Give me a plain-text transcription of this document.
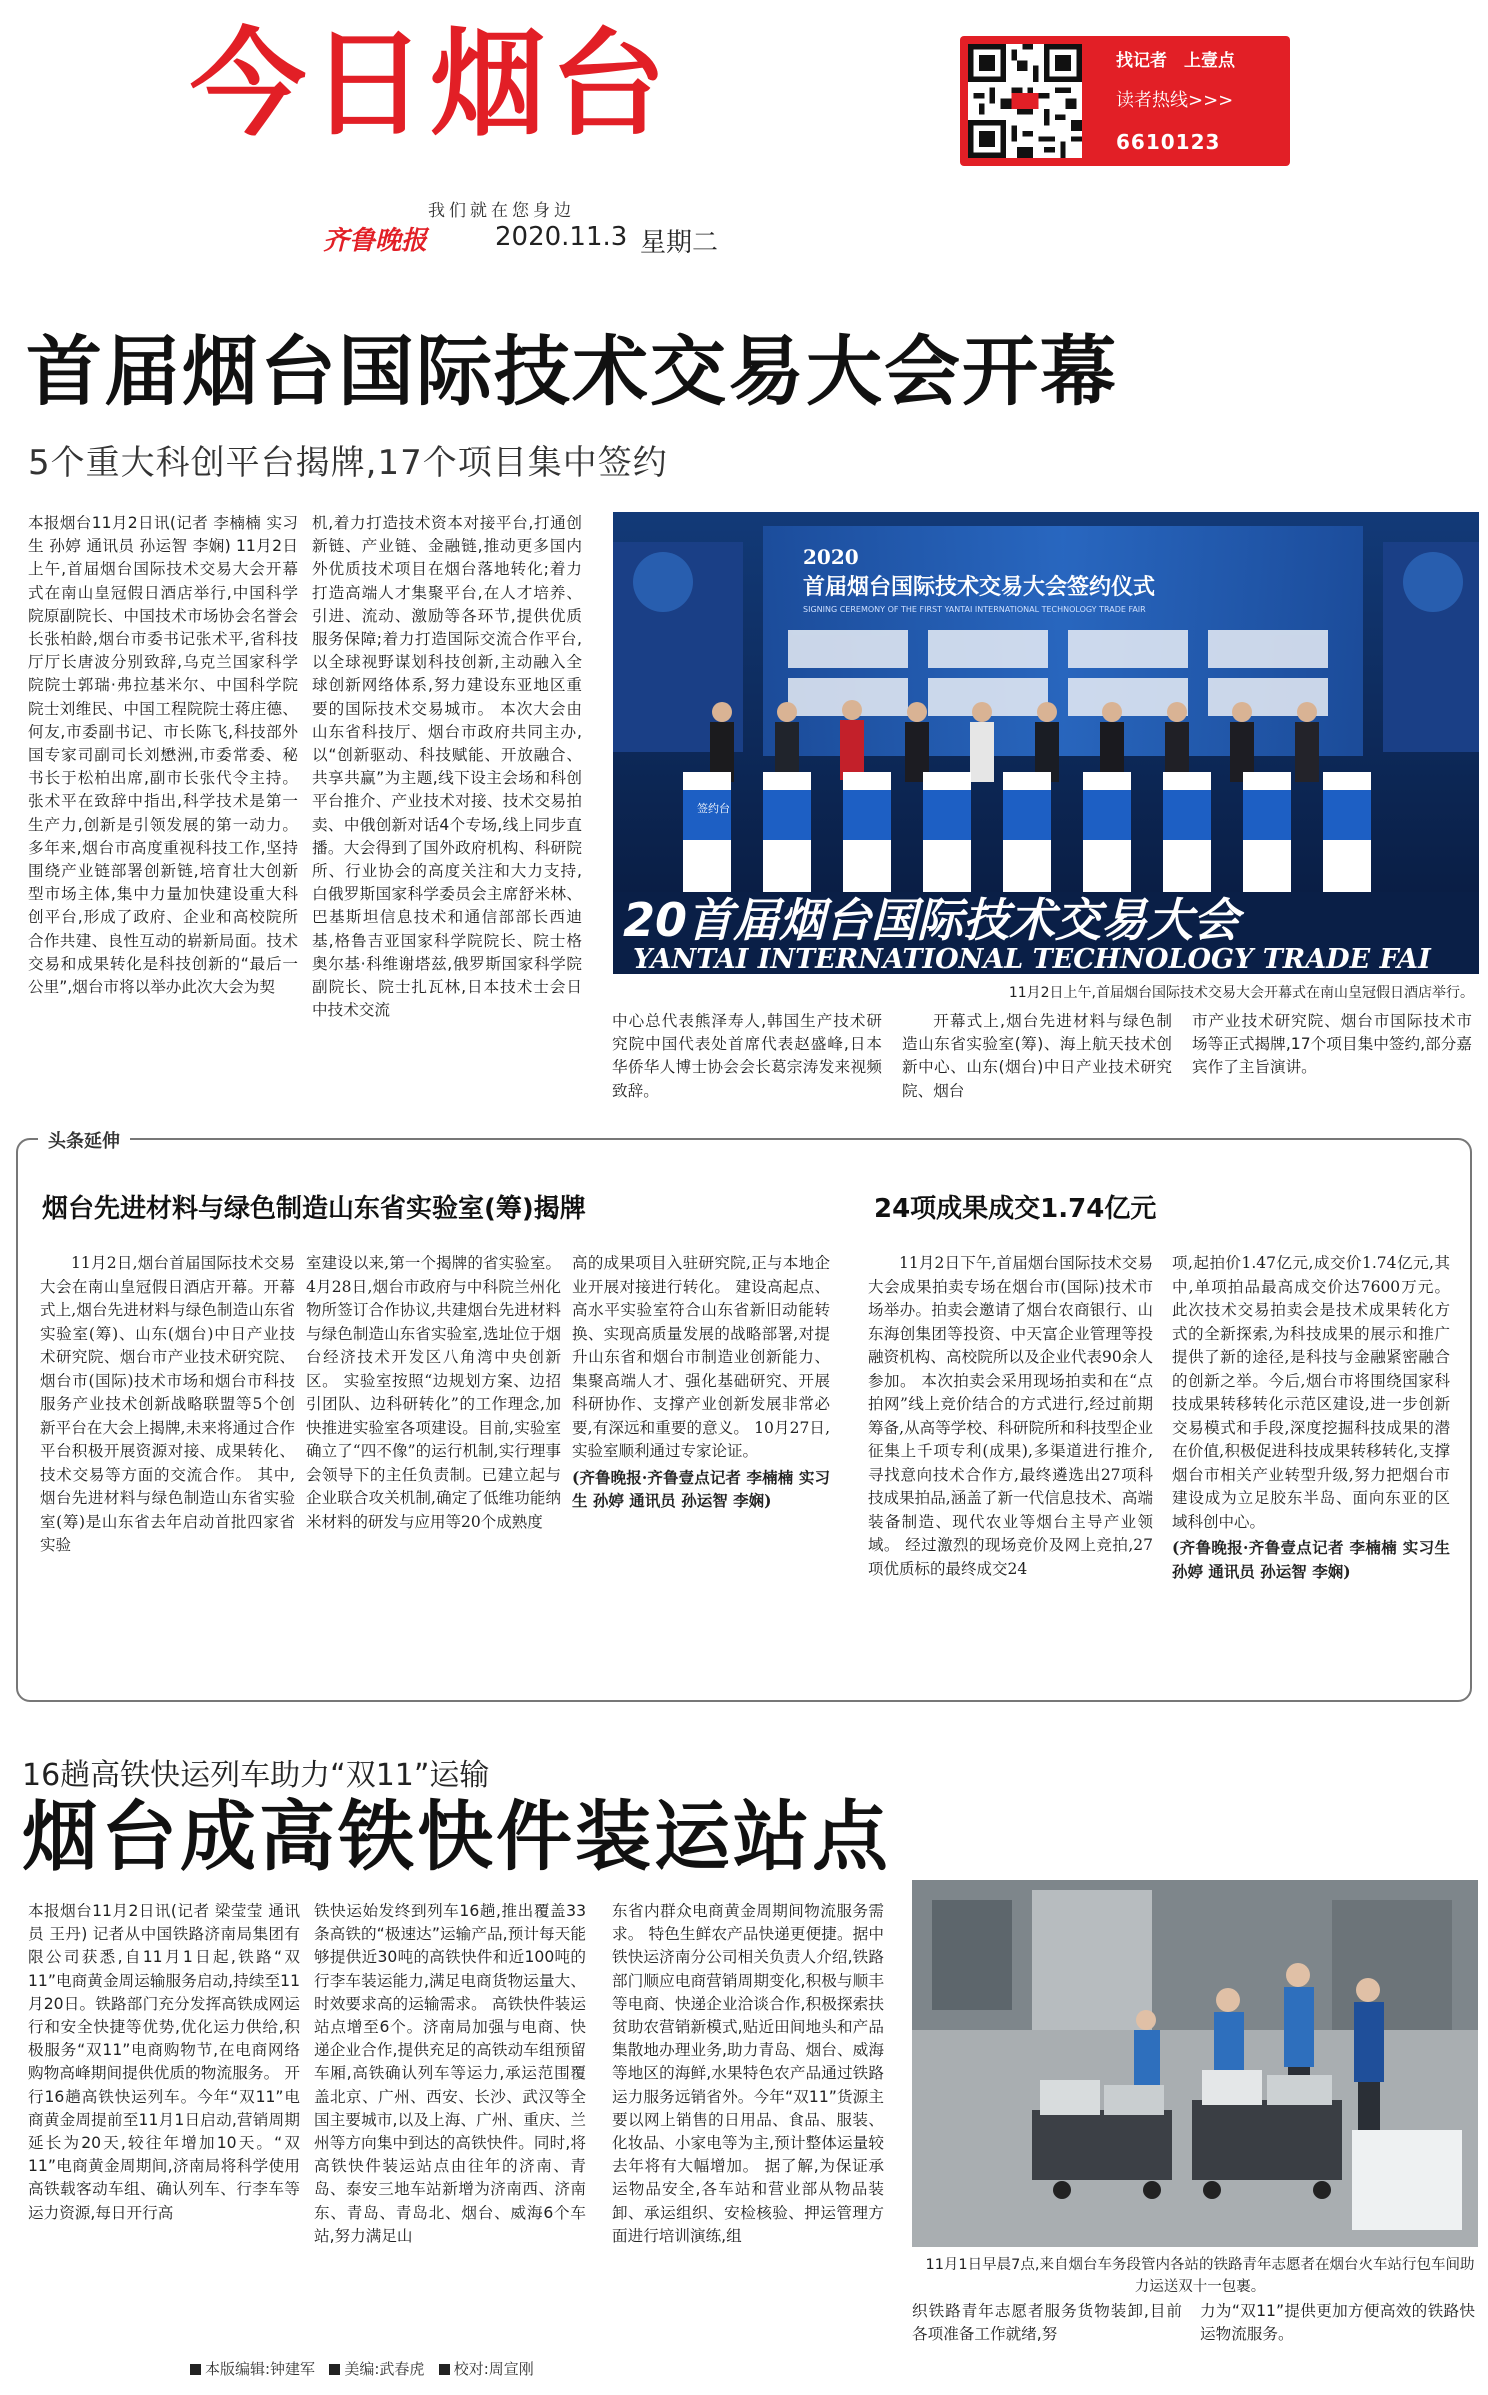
今日烟台	找记者　上壹点
读者热线>>>
6610123
我们就在您身边
齐鲁晚报	2020.11.3 星期二
首届烟台国际技术交易大会开幕
5个重大科创平台揭牌,17个项目集中签约

本报烟台11月2日讯(记者 李楠楠 实习生 孙婷 通讯员 孙运智 李娴) 11月2日上午,首届烟台国际技术交易大会开幕式在南山皇冠假日酒店举行,中国科学院原副院长、中国技术市场协会名誉会长张柏龄,烟台市委书记张术平,省科技厅厅长唐波分别致辞,乌克兰国家科学院院士郭瑞·弗拉基米尔、中国科学院院士刘维民、中国工程院院士蒋庄德、何友,市委副书记、市长陈飞,科技部外国专家司副司长刘懋洲,市委常委、秘书长于松柏出席,副市长张代令主持。 张术平在致辞中指出,科学技术是第一生产力,创新是引领发展的第一动力。多年来,烟台市高度重视科技工作,坚持围绕产业链部署创新链,培育壮大创新型市场主体,集中力量加快建设重大科创平台,形成了政府、企业和高校院所合作共建、良性互动的崭新局面。技术交易和成果转化是科技创新的“最后一公里”,烟台市将以举办此次大会为契

机,着力打造技术资本对接平台,打通创新链、产业链、金融链,推动更多国内外优质技术项目在烟台落地转化;着力打造高端人才集聚平台,在人才培养、引进、流动、激励等各环节,提供优质服务保障;着力打造国际交流合作平台,以全球视野谋划科技创新,主动融入全球创新网络体系,努力建设东亚地区重要的国际技术交易城市。 本次大会由山东省科技厅、烟台市政府共同主办,以“创新驱动、科技赋能、开放融合、共享共赢”为主题,线下设主会场和科创平台推介、产业技术对接、技术交易拍卖、中俄创新对话4个专场,线上同步直播。大会得到了国外政府机构、科研院所、行业协会的高度关注和大力支持,白俄罗斯国家科学委员会主席舒米林、巴基斯坦信息技术和通信部部长西迪基,格鲁吉亚国家科学院院长、院士格奥尔基·科维谢塔兹,俄罗斯国家科学院副院长、院士扎瓦林,日本技术士会日中技术交流

中心总代表熊泽寿人,韩国生产技术研究院中国代表处首席代表赵盛峰,日本华侨华人博士协会会长葛宗涛发来视频致辞。

开幕式上,烟台先进材料与绿色制造山东省实验室(筹)、海上航天技术创新中心、山东(烟台)中日产业技术研究院、烟台

市产业技术研究院、烟台市国际技术市场等正式揭牌,17个项目集中签约,部分嘉宾作了主旨演讲。

2020
首届烟台国际技术交易大会签约仪式
SIGNING CEREMONY OF THE FIRST YANTAI INTERNATIONAL TECHNOLOGY TRADE FAIR
签约台
20首届烟台国际技术交易大会
YANTAI INTERNATIONAL TECHNOLOGY TRADE FAI
11月2日上午,首届烟台国际技术交易大会开幕式在南山皇冠假日酒店举行。
头条延伸
烟台先进材料与绿色制造山东省实验室(筹)揭牌	24项成果成交1.74亿元

11月2日,烟台首届国际技术交易大会在南山皇冠假日酒店开幕。开幕式上,烟台先进材料与绿色制造山东省实验室(筹)、山东(烟台)中日产业技术研究院、烟台市产业技术研究院、烟台市(国际)技术市场和烟台市科技服务产业技术创新战略联盟等5个创新平台在大会上揭牌,未来将通过合作平台积极开展资源对接、成果转化、技术交易等方面的交流合作。 其中,烟台先进材料与绿色制造山东省实验室(筹)是山东省去年启动首批四家省实验

室建设以来,第一个揭牌的省实验室。 4月28日,烟台市政府与中科院兰州化物所签订合作协议,共建烟台先进材料与绿色制造山东省实验室,选址位于烟台经济技术开发区八角湾中央创新区。 实验室按照“边规划方案、边招引团队、边科研转化”的工作理念,加快推进实验室各项建设。目前,实验室确立了“四不像”的运行机制,实行理事会领导下的主任负责制。已建立起与企业联合攻关机制,确定了低维功能纳米材料的研发与应用等20个成熟度

高的成果项目入驻研究院,正与本地企业开展对接进行转化。 建设高起点、高水平实验室符合山东省新旧动能转换、实现高质量发展的战略部署,对提升山东省和烟台市制造业创新能力、集聚高端人才、强化基础研究、开展科研协作、支撑产业创新发展非常必要,有深远和重要的意义。 10月27日,实验室顺利通过专家论证。

(齐鲁晚报·齐鲁壹点记者 李楠楠 实习生 孙婷 通讯员 孙运智 李娴)

11月2日下午,首届烟台国际技术交易大会成果拍卖专场在烟台市(国际)技术市场举办。拍卖会邀请了烟台农商银行、山东海创集团等投资、中天富企业管理等投融资机构、高校院所以及企业代表90余人参加。 本次拍卖会采用现场拍卖和在“点拍网”线上竞价结合的方式进行,经过前期筹备,从高等学校、科研院所和科技型企业征集上千项专利(成果),多渠道进行推介,寻找意向技术合作方,最终遴选出27项科技成果拍品,涵盖了新一代信息技术、高端装备制造、现代农业等烟台主导产业领域。 经过激烈的现场竞价及网上竞拍,27项优质标的最终成交24

项,起拍价1.47亿元,成交价1.74亿元,其中,单项拍品最高成交价达7600万元。 此次技术交易拍卖会是技术成果转化方式的全新探索,为科技成果的展示和推广提供了新的途径,是科技与金融紧密融合的创新之举。今后,烟台市将围绕国家科技成果转移转化示范区建设,进一步创新交易模式和手段,深度挖掘科技成果的潜在价值,积极促进科技成果转移转化,支撑烟台市相关产业转型升级,努力把烟台市建设成为立足胶东半岛、面向东亚的区域科创中心。

(齐鲁晚报·齐鲁壹点记者 李楠楠 实习生 孙婷 通讯员 孙运智 李娴)

16趟高铁快运列车助力“双11”运输
烟台成高铁快件装运站点

本报烟台11月2日讯(记者 梁莹莹 通讯员 王丹) 记者从中国铁路济南局集团有限公司获悉,自11月1日起,铁路“双11”电商黄金周运输服务启动,持续至11月20日。铁路部门充分发挥高铁成网运行和安全快捷等优势,优化运力供给,积极服务“双11”电商购物节,在电商网络购物高峰期间提供优质的物流服务。 开行16趟高铁快运列车。今年“双11”电商黄金周提前至11月1日启动,营销周期延长为20天,较往年增加10天。“双11”电商黄金周期间,济南局将科学使用高铁载客动车组、确认列车、行李车等运力资源,每日开行高

铁快运始发终到列车16趟,推出覆盖33条高铁的“极速达”运输产品,预计每天能够提供近30吨的高铁快件和近100吨的行李车装运能力,满足电商货物运量大、时效要求高的运输需求。 高铁快件装运站点增至6个。济南局加强与电商、快递企业合作,提供充足的高铁动车组预留车厢,高铁确认列车等运力,承运范围覆盖北京、广州、西安、长沙、武汉等全国主要城市,以及上海、广州、重庆、兰州等方向集中到达的高铁快件。同时,将高铁快件装运站点由往年的济南、青岛、泰安三地车站新增为济南西、济南东、青岛、青岛北、烟台、威海6个车站,努力满足山

东省内群众电商黄金周期间物流服务需求。 特色生鲜农产品快递更便捷。据中铁快运济南分公司相关负责人介绍,铁路部门顺应电商营销周期变化,积极与顺丰等电商、快递企业洽谈合作,积极探索扶贫助农营销新模式,贴近田间地头和产品集散地办理业务,助力青岛、烟台、威海等地区的海鲜,水果特色农产品通过铁路运力服务远销省外。今年“双11”货源主要以网上销售的日用品、食品、服装、化妆品、小家电等为主,预计整体运量较去年将有大幅增加。 据了解,为保证承运物品安全,各车站和营业部从物品装卸、承运组织、安检核验、押运管理方面进行培训演练,组

织铁路青年志愿者服务货物装卸,目前各项准备工作就绪,努

力为“双11”提供更加方便高效的铁路快运物流服务。

11月1日早晨7点,来自烟台车务段管内各站的铁路青年志愿者在烟台火车站行包车间助力运送双十一包裹。
本版编辑:钟建军 美编:武春虎 校对:周宣刚
